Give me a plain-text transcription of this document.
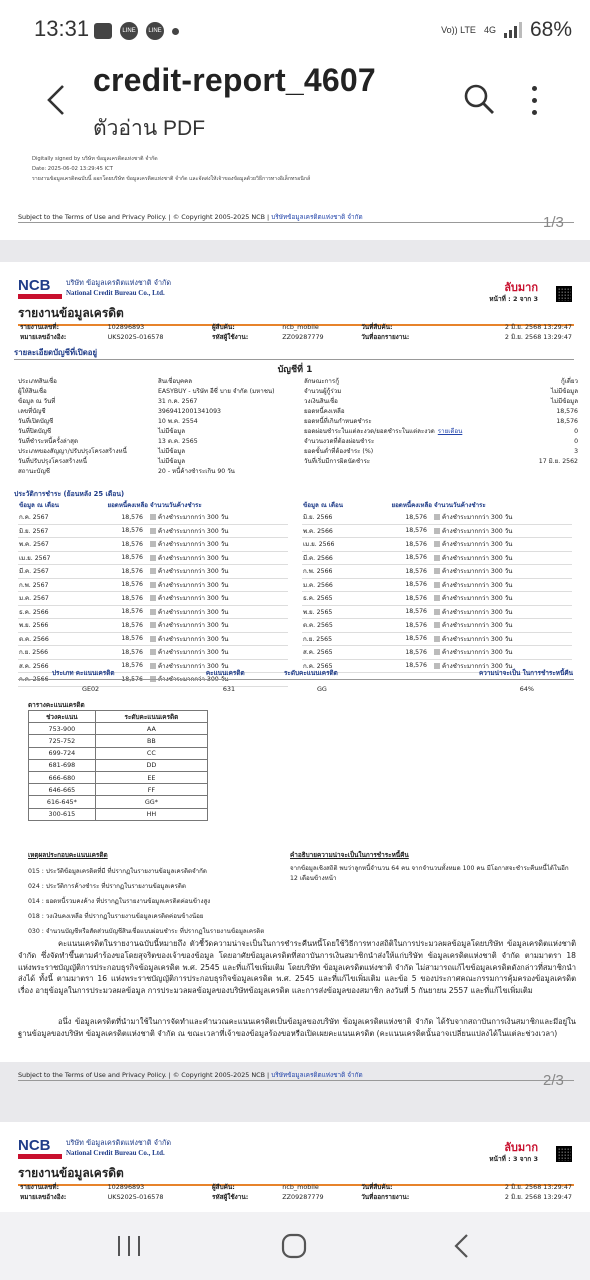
13:31	LINE	LINE	Vo)) LTE 4G 68%
credit-report_4607
ตัวอ่าน PDF
Digitally signed by บริษัท ข้อมูลเครดิตแห่งชาติ จำกัด
Date: 2025-06-02 13:29:45 ICT
รายงานข้อมูลเครดิตฉบับนี้ ออกโดยบริษัท ข้อมูลเครดิตแห่งชาติ จำกัด และจัดส่งให้เจ้าของข้อมูลด้วยวิธีการทางอิเล็กทรอนิกส์
Subject to the Terms of Use and Privacy Policy. | © Copyright 2005-2025 NCB | บริษัทข้อมูลเครดิตแห่งชาติ จำกัด	1/3
NCB	บริษัท ข้อมูลเครดิตแห่งชาติ จำกัด
National Credit Bureau Co., Ltd.	ลับมาก
หน้าที่ : 2 จาก 3
รายงานข้อมูลเครดิต
รายงานเลขที่:	102896893	ผู้สืบค้น:	ncb_mobile	วันที่สืบค้น:	2 มิ.ย. 2568 13:29:47
หมายเลขอ้างอิง:	UKS2025-016578	รหัสผู้ใช้งาน:	ZZ09287779	วันที่ออกรายงาน:	2 มิ.ย. 2568 13:29:47
รายละเอียดบัญชีที่เปิดอยู่
บัญชีที่ 1
ประเภทสินเชื่อ	สินเชื่อบุคคล	ลักษณะการกู้	กู้เดี่ยว
ผู้ให้สินเชื่อ	EASYBUY - บริษัท อีซี่ บาย จำกัด (มหาชน)	จำนวนผู้กู้ร่วม	ไม่มีข้อมูล
ข้อมูล ณ วันที่	31 ก.ค. 2567	วงเงินสินเชื่อ	ไม่มีข้อมูล
เลขที่บัญชี	3969412001341093	ยอดหนี้คงเหลือ	18,576
วันที่เปิดบัญชี	10 พ.ค. 2554	ยอดหนี้ที่เกินกำหนดชำระ	18,576
วันที่ปิดบัญชี	ไม่มีข้อมูล	ยอดผ่อนชำระในแต่ละงวด/ยอดชำระในแต่ละงวด รายเดือน	0
วันที่ชำระหนี้ครั้งล่าสุด	13 ต.ค. 2565	จำนวนงวดที่ต้องผ่อนชำระ	0
ประเภทของสัญญา/ปรับปรุงโครงสร้างหนี้	ไม่มีข้อมูล	ยอดขั้นต่ำที่ต้องชำระ (%)	3
วันที่ปรับปรุงโครงสร้างหนี้	ไม่มีข้อมูล	วันที่เริ่มมีการผิดนัดชำระ	17 มิ.ย. 2562
สถานะบัญชี	20 - หนี้ค้างชำระเกิน 90 วัน		
ประวัติการชำระ (ย้อนหลัง 25 เดือน)
ข้อมูล ณ เดือน	ยอดหนี้คงเหลือ	จำนวนวันค้างชำระ
ก.ค. 2567	18,576	ค้างชำระมากกว่า 300 วัน
มิ.ย. 2567	18,576	ค้างชำระมากกว่า 300 วัน
พ.ค. 2567	18,576	ค้างชำระมากกว่า 300 วัน
เม.ย. 2567	18,576	ค้างชำระมากกว่า 300 วัน
มี.ค. 2567	18,576	ค้างชำระมากกว่า 300 วัน
ก.พ. 2567	18,576	ค้างชำระมากกว่า 300 วัน
ม.ค. 2567	18,576	ค้างชำระมากกว่า 300 วัน
ธ.ค. 2566	18,576	ค้างชำระมากกว่า 300 วัน
พ.ย. 2566	18,576	ค้างชำระมากกว่า 300 วัน
ต.ค. 2566	18,576	ค้างชำระมากกว่า 300 วัน
ก.ย. 2566	18,576	ค้างชำระมากกว่า 300 วัน
ส.ค. 2566	18,576	ค้างชำระมากกว่า 300 วัน
ก.ค. 2566	18,576	ค้างชำระมากกว่า 300 วัน
ข้อมูล ณ เดือน	ยอดหนี้คงเหลือ	จำนวนวันค้างชำระ
มิ.ย. 2566	18,576	ค้างชำระมากกว่า 300 วัน
พ.ค. 2566	18,576	ค้างชำระมากกว่า 300 วัน
เม.ย. 2566	18,576	ค้างชำระมากกว่า 300 วัน
มี.ค. 2566	18,576	ค้างชำระมากกว่า 300 วัน
ก.พ. 2566	18,576	ค้างชำระมากกว่า 300 วัน
ม.ค. 2566	18,576	ค้างชำระมากกว่า 300 วัน
ธ.ค. 2565	18,576	ค้างชำระมากกว่า 300 วัน
พ.ย. 2565	18,576	ค้างชำระมากกว่า 300 วัน
ต.ค. 2565	18,576	ค้างชำระมากกว่า 300 วัน
ก.ย. 2565	18,576	ค้างชำระมากกว่า 300 วัน
ส.ค. 2565	18,576	ค้างชำระมากกว่า 300 วัน
ก.ค. 2565	18,576	ค้างชำระมากกว่า 300 วัน
ประเภท คะแนนเครดิต	คะแนนเครดิต	ระดับคะแนนเครดิต	ความน่าจะเป็น ในการชำระหนี้คืน
GE02	631	GG	64%
ตารางคะแนนเครดิต
ช่วงคะแนน	ระดับคะแนนเครดิต
753-900	AA
725-752	BB
699-724	CC
681-698	DD
666-680	EE
646-665	FF
616-645*	GG*
300-615	HH
เหตุผลประกอบคะแนนเครดิต
015 : ประวัติข้อมูลเครดิตที่มี ที่ปรากฏในรายงานข้อมูลเครดิตจำกัด
024 : ประวัติการค้างชำระ ที่ปรากฏในรายงานข้อมูลเครดิต
014 : ยอดหนี้รวมคงค้าง ที่ปรากฏในรายงานข้อมูลเครดิตค่อนข้างสูง
018 : วงเงินคงเหลือ ที่ปรากฏในรายงานข้อมูลเครดิตค่อนข้างน้อย
030 : จำนวนบัญชีหรือสัดส่วนบัญชีสินเชื่อแบบผ่อนชำระ ที่ปรากฏในรายงานข้อมูลเครดิต
คำอธิบายความน่าจะเป็นในการชำระหนี้คืน
จากข้อมูลเชิงสถิติ พบว่าลูกหนี้จำนวน 64 คน จากจำนวนทั้งหมด 100 คน มีโอกาสจะชำระคืนหนี้ได้ในอีก 12 เดือนข้างหน้า
คะแนนเครดิตในรายงานฉบับนี้หมายถึง ตัวชี้วัดความน่าจะเป็นในการชำระคืนหนี้โดยใช้วิธีการทางสถิติในการประมวลผลข้อมูลโดยบริษัท ข้อมูลเครดิตแห่งชาติ จำกัด ซึ่งจัดทำขึ้นตามคำร้องขอโดยสุจริตของเจ้าของข้อมูล โดยอาศัยข้อมูลเครดิตที่สถาบันการเงินสมาชิกนำส่งให้แก่บริษัท ข้อมูลเครดิตแห่งชาติ จำกัด ตามมาตรา 18 แห่งพระราชบัญญัติการประกอบธุรกิจข้อมูลเครดิต พ.ศ. 2545 และที่แก้ไขเพิ่มเติม โดยบริษัท ข้อมูลเครดิตแห่งชาติ จำกัด ไม่สามารถแก้ไขข้อมูลเครดิตดังกล่าวที่สมาชิกนำส่งได้ ทั้งนี้ ตามมาตรา 16 แห่งพระราชบัญญัติการประกอบธุรกิจข้อมูลเครดิต พ.ศ. 2545 และที่แก้ไขเพิ่มเติม และข้อ 5 ของประกาศคณะกรรมการคุ้มครองข้อมูลเครดิต เรื่อง อายุข้อมูลในการประมวลผลข้อมูล การประมวลผลข้อมูลของบริษัทข้อมูลเครดิต และการส่งข้อมูลของสมาชิก ลงวันที่ 5 กันยายน 2557 และที่แก้ไขเพิ่มเติม
อนึ่ง ข้อมูลเครดิตที่นำมาใช้ในการจัดทำและคำนวณคะแนนเครดิตเป็นข้อมูลของบริษัท ข้อมูลเครดิตแห่งชาติ จำกัด ได้รับจากสถาบันการเงินสมาชิกและมีอยู่ในฐานข้อมูลของบริษัท ข้อมูลเครดิตแห่งชาติ จำกัด ณ ขณะเวลาที่เจ้าของข้อมูลร้องขอหรือเปิดเผยคะแนนเครดิต (คะแนนเครดิตนั้นอาจเปลี่ยนแปลงได้ในแต่ละช่วงเวลา)
Subject to the Terms of Use and Privacy Policy. | © Copyright 2005-2025 NCB | บริษัทข้อมูลเครดิตแห่งชาติ จำกัด	2/3
NCB	บริษัท ข้อมูลเครดิตแห่งชาติ จำกัด
National Credit Bureau Co., Ltd.	ลับมาก
หน้าที่ : 3 จาก 3
รายงานข้อมูลเครดิต
รายงานเลขที่:	102896893	ผู้สืบค้น:	ncb_mobile	วันที่สืบค้น:	2 มิ.ย. 2568 13:29:47
หมายเลขอ้างอิง:	UKS2025-016578	รหัสผู้ใช้งาน:	ZZ09287779	วันที่ออกรายงาน:	2 มิ.ย. 2568 13:29:47
